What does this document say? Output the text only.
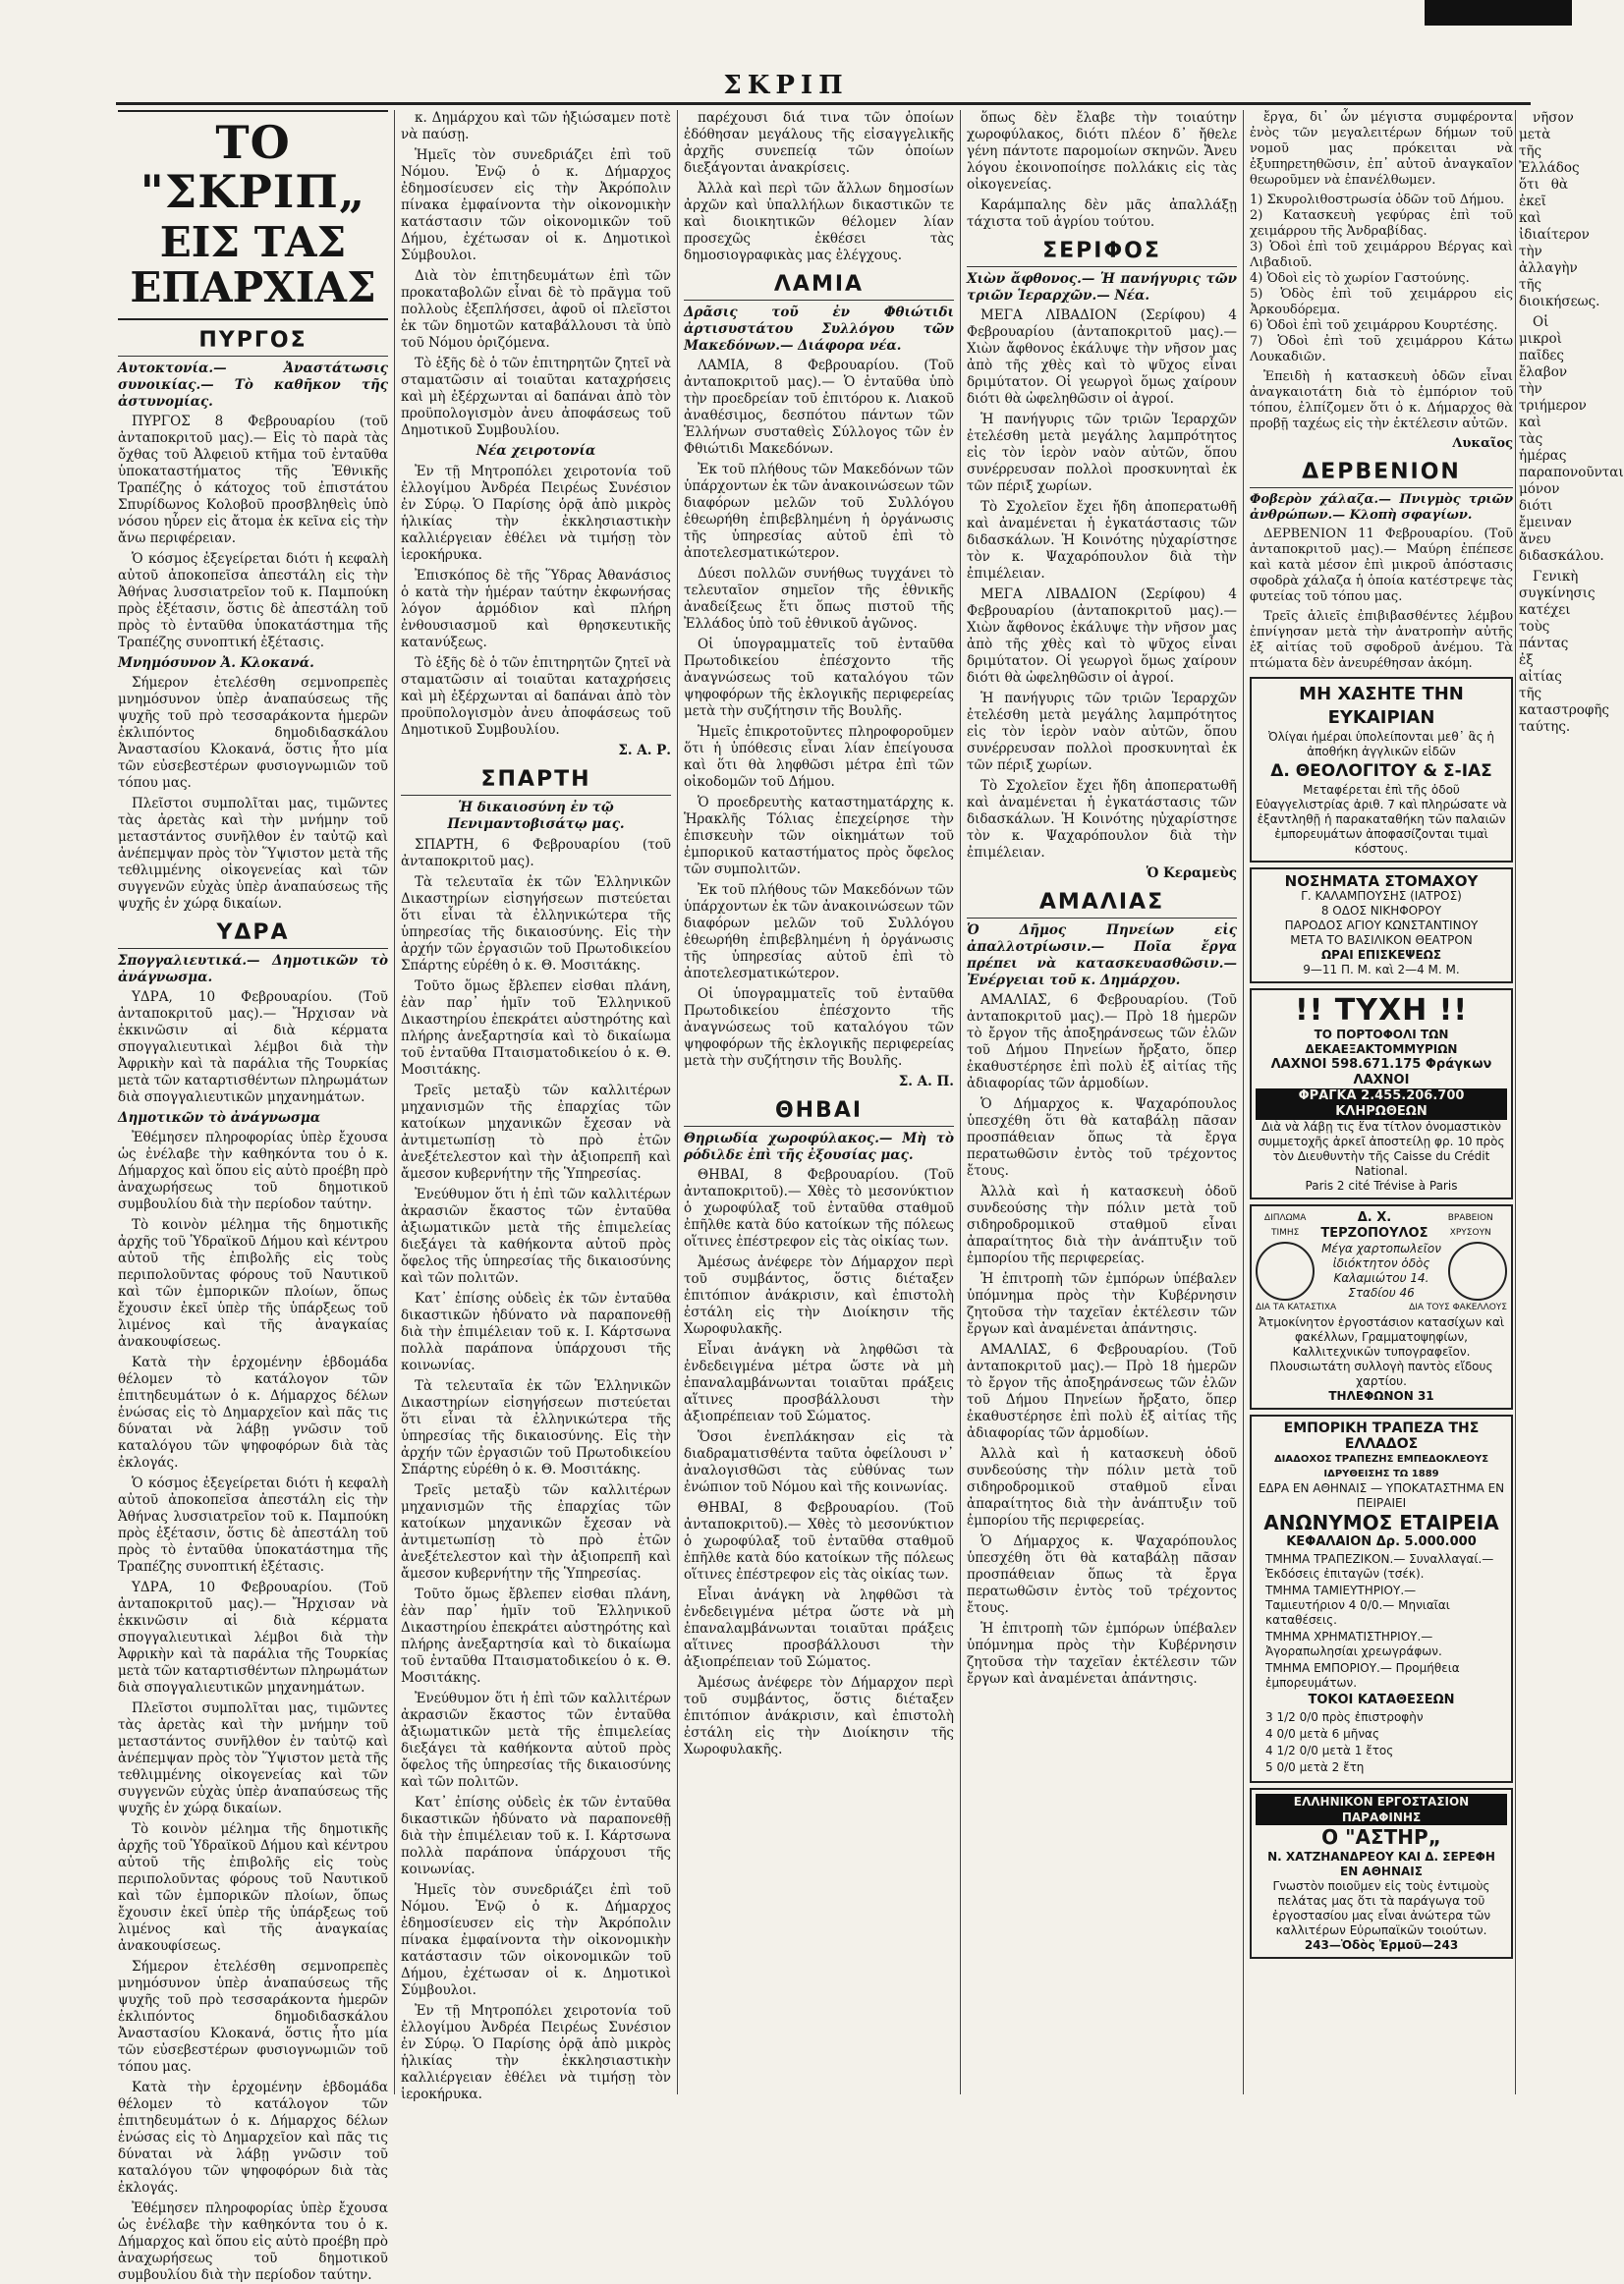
ΣΚΡΙΠ
ΤΟ "ΣΚΡΙΠ„
ΕΙΣ ΤΑΣ ΕΠΑΡΧΙΑΣ
ΠΥΡΓΟΣ
Αυτοκτονία.— Ἀναστάτωσις συνοικίας.— Τὸ καθῆκον τῆς ἀστυνομίας.

ΠΥΡΓΟΣ 8 Φεβρουαρίου (τοῦ ἀνταποκριτοῦ μας).— Εἰς τὸ παρὰ τὰς ὄχθας τοῦ Ἀλφειοῦ κτῆμα τοῦ ἐνταῦθα ὑποκαταστήματος τῆς Ἐθνικῆς Τραπέζης ὁ κάτοχος τοῦ ἐπιστάτου Σπυρίδωνος Κολοβοῦ προσβληθεὶς ὑπὸ νόσου ηὗρεν εἰς ἄτομα ἐκ κεῖνα εἰς τὴν ἄνω περιφέρειαν.

Ὁ κόσμος ἐξεγείρεται διότι ἡ κεφαλὴ αὐτοῦ ἀποκοπεῖσα ἀπεστάλη εἰς τὴν Ἀθήνας λυσσιατρεῖον τοῦ κ. Παμπούκη πρὸς ἐξέτασιν, ὅστις δὲ ἀπεστάλη τοῦ πρὸς τὸ ἐνταῦθα ὑποκατάστημα τῆς Τραπέζης συνοπτική ἐξέτασις.

Μνημόσυνον Ἀ. Κλοκανά.

Σήμερον ἐτελέσθη σεμνοπρεπὲς μνημόσυνον ὑπὲρ ἀναπαύσεως τῆς ψυχῆς τοῦ πρὸ τεσσαράκοντα ἡμερῶν ἐκλιπόντος δημοδιδασκάλου Ἀναστασίου Κλοκανά, ὅστις ἦτο μία τῶν εὐσεβεστέρων φυσιογνωμιῶν τοῦ τόπου μας.

Πλεῖστοι συμπολῖται μας, τιμῶντες τὰς ἀρετὰς καὶ τὴν μνήμην τοῦ μεταστάντος συνῆλθον ἐν ταὐτῷ καὶ ἀνέπεμψαν πρὸς τὸν Ὕψιστον μετὰ τῆς τεθλιμμένης οἰκογενείας καὶ τῶν συγγενῶν εὐχὰς ὑπὲρ ἀναπαύσεως τῆς ψυχῆς ἐν χώρᾳ δικαίων.

ΥΔΡΑ
Σπογγαλιευτικά.— Δημοτικῶν τὸ ἀνάγνωσμα.

ΥΔΡΑ, 10 Φεβρουαρίου. (Τοῦ ἀνταποκριτοῦ μας).— Ἤρχισαν νὰ ἐκκινῶσιν αἱ διὰ κέρματα σπογγαλιευτικαὶ λέμβοι διὰ τὴν Ἀφρικὴν καὶ τὰ παράλια τῆς Τουρκίας μετὰ τῶν καταρτισθέντων πληρωμάτων διὰ σπογγαλιευτικῶν μηχανημάτων.

Δημοτικῶν τὸ ἀνάγνωσμα

Ἐθέμησεν πληροφορίας ὑπὲρ ἔχουσα ὡς ἐνέλαβε τὴν καθηκόντα του ὁ κ. Δήμαρχος καὶ ὅπου εἰς αὐτὸ προέβη πρὸ ἀναχωρήσεως τοῦ δημοτικοῦ συμβουλίου διὰ τὴν περίοδον ταύτην.

Τὸ κοινὸν μέλημα τῆς δημοτικῆς ἀρχῆς τοῦ Ὑδραϊκοῦ Δήμου καὶ κέντρου αὐτοῦ τῆς ἐπιβολῆς εἰς τοὺς περιπολοῦντας φόρους τοῦ Ναυτικοῦ καὶ τῶν ἐμπορικῶν πλοίων, ὅπως ἔχουσιν ἐκεῖ ὑπὲρ τῆς ὑπάρξεως τοῦ λιμένος καὶ τῆς ἀναγκαίας ἀνακουφίσεως.

Κατὰ τὴν ἑρχομένην ἑβδομάδα θέλομεν τὸ κατάλογον τῶν ἐπιτηδευμάτων ὁ κ. Δήμαρχος δέλων ἑνώσας εἰς τὸ Δημαρχεῖον καὶ πᾶς τις δύναται νὰ λάβῃ γνῶσιν τοῦ καταλόγου τῶν ψηφοφόρων διὰ τὰς ἐκλογάς.

Ὁ κόσμος ἐξεγείρεται διότι ἡ κεφαλὴ αὐτοῦ ἀποκοπεῖσα ἀπεστάλη εἰς τὴν Ἀθήνας λυσσιατρεῖον τοῦ κ. Παμπούκη πρὸς ἐξέτασιν, ὅστις δὲ ἀπεστάλη τοῦ πρὸς τὸ ἐνταῦθα ὑποκατάστημα τῆς Τραπέζης συνοπτική ἐξέτασις.

ΥΔΡΑ, 10 Φεβρουαρίου. (Τοῦ ἀνταποκριτοῦ μας).— Ἤρχισαν νὰ ἐκκινῶσιν αἱ διὰ κέρματα σπογγαλιευτικαὶ λέμβοι διὰ τὴν Ἀφρικὴν καὶ τὰ παράλια τῆς Τουρκίας μετὰ τῶν καταρτισθέντων πληρωμάτων διὰ σπογγαλιευτικῶν μηχανημάτων.

Πλεῖστοι συμπολῖται μας, τιμῶντες τὰς ἀρετὰς καὶ τὴν μνήμην τοῦ μεταστάντος συνῆλθον ἐν ταὐτῷ καὶ ἀνέπεμψαν πρὸς τὸν Ὕψιστον μετὰ τῆς τεθλιμμένης οἰκογενείας καὶ τῶν συγγενῶν εὐχὰς ὑπὲρ ἀναπαύσεως τῆς ψυχῆς ἐν χώρᾳ δικαίων.

Τὸ κοινὸν μέλημα τῆς δημοτικῆς ἀρχῆς τοῦ Ὑδραϊκοῦ Δήμου καὶ κέντρου αὐτοῦ τῆς ἐπιβολῆς εἰς τοὺς περιπολοῦντας φόρους τοῦ Ναυτικοῦ καὶ τῶν ἐμπορικῶν πλοίων, ὅπως ἔχουσιν ἐκεῖ ὑπὲρ τῆς ὑπάρξεως τοῦ λιμένος καὶ τῆς ἀναγκαίας ἀνακουφίσεως.

Σήμερον ἐτελέσθη σεμνοπρεπὲς μνημόσυνον ὑπὲρ ἀναπαύσεως τῆς ψυχῆς τοῦ πρὸ τεσσαράκοντα ἡμερῶν ἐκλιπόντος δημοδιδασκάλου Ἀναστασίου Κλοκανά, ὅστις ἦτο μία τῶν εὐσεβεστέρων φυσιογνωμιῶν τοῦ τόπου μας.

Κατὰ τὴν ἑρχομένην ἑβδομάδα θέλομεν τὸ κατάλογον τῶν ἐπιτηδευμάτων ὁ κ. Δήμαρχος δέλων ἑνώσας εἰς τὸ Δημαρχεῖον καὶ πᾶς τις δύναται νὰ λάβῃ γνῶσιν τοῦ καταλόγου τῶν ψηφοφόρων διὰ τὰς ἐκλογάς.

Ἐθέμησεν πληροφορίας ὑπὲρ ἔχουσα ὡς ἐνέλαβε τὴν καθηκόντα του ὁ κ. Δήμαρχος καὶ ὅπου εἰς αὐτὸ προέβη πρὸ ἀναχωρήσεως τοῦ δημοτικοῦ συμβουλίου διὰ τὴν περίοδον ταύτην.

κ. Δημάρχου καὶ τῶν ἡξιώσαμεν ποτὲ νὰ παύσῃ.

Ἡμεῖς τὸν συνεδριάζει ἐπὶ τοῦ Νόμου. Ἐνῷ ὁ κ. Δήμαρχος ἐδημοσίευσεν εἰς τὴν Ἀκρόπολιν πίνακα ἐμφαίνοντα τὴν οἰκονομικὴν κατάστασιν τῶν οἰκονομικῶν τοῦ Δήμου, ἐχέτωσαν οἱ κ. Δημοτικοὶ Σύμβουλοι.

Διὰ τὸν ἐπιτηδευμάτων ἐπὶ τῶν προκαταβολῶν εἶναι δὲ τὸ πρᾶγμα τοῦ πολλοὺς ἐξεπλήσσει, ἀφοῦ οἱ πλεῖστοι ἐκ τῶν δημοτῶν καταβάλλουσι τὰ ὑπὸ τοῦ Νόμου ὁριζόμενα.

Τὸ ἑξῆς δὲ ὁ τῶν ἐπιτηρητῶν ζητεῖ νὰ σταματῶσιν αἱ τοιαῦται καταχρήσεις καὶ μὴ ἐξέρχωνται αἱ δαπάναι ἀπὸ τὸν προϋπολογισμὸν ἀνευ ἀποφάσεως τοῦ Δημοτικοῦ Συμβουλίου.

Νέα χειροτονία

Ἐν τῇ Μητροπόλει χειροτονία τοῦ ἐλλογίμου Ἀνδρέα Πειρέως Συνέσιον ἐν Σύρῳ. Ὁ Παρίσης ὁρᾷ ἀπὸ μικρὸς ἡλικίας τὴν ἐκκλησιαστικὴν καλλιέργειαν ἐθέλει νὰ τιμήσῃ τὸν ἱεροκήρυκα.

Ἐπισκόπος δὲ τῆς Ὕδρας Ἀθανάσιος ὁ κατὰ τὴν ἡμέραν ταύτην ἐκφωνήσας λόγον ἁρμόδιον καὶ πλήρη ἐνθουσιασμοῦ καὶ θρησκευτικῆς κατανύξεως.

Τὸ ἑξῆς δὲ ὁ τῶν ἐπιτηρητῶν ζητεῖ νὰ σταματῶσιν αἱ τοιαῦται καταχρήσεις καὶ μὴ ἐξέρχωνται αἱ δαπάναι ἀπὸ τὸν προϋπολογισμὸν ἀνευ ἀποφάσεως τοῦ Δημοτικοῦ Συμβουλίου.

Σ. Α. Ρ.
ΣΠΑΡΤΗ
Ἡ δικαιοσύνη ἐν τῷ Πενιμαντοβισάτῳ μας.

ΣΠΑΡΤΗ, 6 Φεβρουαρίου (τοῦ ἀνταποκριτοῦ μας).

Τὰ τελευταῖα ἐκ τῶν Ἑλληνικῶν Δικαστηρίων εἰσηγήσεων πιστεύεται ὅτι εἶναι τὰ ἐλληνικώτερα τῆς ὑπηρεσίας τῆς δικαιοσύνης. Εἰς τὴν ἀρχήν τῶν ἐργασιῶν τοῦ Πρωτοδικείου Σπάρτης εὑρέθη ὁ κ. Θ. Μοσιτάκης.

Τοῦτο ὅμως ἔβλεπεν εἰσθαι πλάνη, ἐὰν παρ᾽ ἡμῖν τοῦ Ἑλληνικοῦ Δικαστηρίου ἐπεκράτει αὐστηρότης καὶ πλήρης ἀνεξαρτησία καὶ τὸ δικαίωμα τοῦ ἐνταῦθα Πταισματοδικείου ὁ κ. Θ. Μοσιτάκης.

Τρεῖς μεταξὺ τῶν καλλιτέρων μηχανισμῶν τῆς ἐπαρχίας τῶν κατοίκων μηχανικῶν ἔχεσαν νὰ ἀντιμετωπίσῃ τὸ πρὸ ἐτῶν ἀνεξέτελεστον καὶ τὴν ἀξιοπρεπῆ καὶ ἄμεσον κυβερνήτην τῆς Ὑπηρεσίας.

Ἐνεύθυμον ὅτι ἡ ἐπὶ τῶν καλλιτέρων ἀκρασιῶν ἔκαστος τῶν ἐνταῦθα ἀξιωματικῶν μετὰ τῆς ἐπιμελείας διεξάγει τὰ καθήκοντα αὐτοῦ πρὸς ὄφελος τῆς ὑπηρεσίας τῆς δικαιοσύνης καὶ τῶν πολιτῶν.

Κατ᾽ ἐπίσης οὐδεὶς ἐκ τῶν ἐνταῦθα δικαστικῶν ἠδύνατο νὰ παραπονεθῇ διὰ τὴν ἐπιμέλειαν τοῦ κ. Ι. Κάρτσωνα πολλὰ παράπονα ὑπάρχουσι τῆς κοινωνίας.

Τὰ τελευταῖα ἐκ τῶν Ἑλληνικῶν Δικαστηρίων εἰσηγήσεων πιστεύεται ὅτι εἶναι τὰ ἐλληνικώτερα τῆς ὑπηρεσίας τῆς δικαιοσύνης. Εἰς τὴν ἀρχήν τῶν ἐργασιῶν τοῦ Πρωτοδικείου Σπάρτης εὑρέθη ὁ κ. Θ. Μοσιτάκης.

Τρεῖς μεταξὺ τῶν καλλιτέρων μηχανισμῶν τῆς ἐπαρχίας τῶν κατοίκων μηχανικῶν ἔχεσαν νὰ ἀντιμετωπίσῃ τὸ πρὸ ἐτῶν ἀνεξέτελεστον καὶ τὴν ἀξιοπρεπῆ καὶ ἄμεσον κυβερνήτην τῆς Ὑπηρεσίας.

Τοῦτο ὅμως ἔβλεπεν εἰσθαι πλάνη, ἐὰν παρ᾽ ἡμῖν τοῦ Ἑλληνικοῦ Δικαστηρίου ἐπεκράτει αὐστηρότης καὶ πλήρης ἀνεξαρτησία καὶ τὸ δικαίωμα τοῦ ἐνταῦθα Πταισματοδικείου ὁ κ. Θ. Μοσιτάκης.

Ἐνεύθυμον ὅτι ἡ ἐπὶ τῶν καλλιτέρων ἀκρασιῶν ἔκαστος τῶν ἐνταῦθα ἀξιωματικῶν μετὰ τῆς ἐπιμελείας διεξάγει τὰ καθήκοντα αὐτοῦ πρὸς ὄφελος τῆς ὑπηρεσίας τῆς δικαιοσύνης καὶ τῶν πολιτῶν.

Κατ᾽ ἐπίσης οὐδεὶς ἐκ τῶν ἐνταῦθα δικαστικῶν ἠδύνατο νὰ παραπονεθῇ διὰ τὴν ἐπιμέλειαν τοῦ κ. Ι. Κάρτσωνα πολλὰ παράπονα ὑπάρχουσι τῆς κοινωνίας.

Ἡμεῖς τὸν συνεδριάζει ἐπὶ τοῦ Νόμου. Ἐνῷ ὁ κ. Δήμαρχος ἐδημοσίευσεν εἰς τὴν Ἀκρόπολιν πίνακα ἐμφαίνοντα τὴν οἰκονομικὴν κατάστασιν τῶν οἰκονομικῶν τοῦ Δήμου, ἐχέτωσαν οἱ κ. Δημοτικοὶ Σύμβουλοι.

Ἐν τῇ Μητροπόλει χειροτονία τοῦ ἐλλογίμου Ἀνδρέα Πειρέως Συνέσιον ἐν Σύρῳ. Ὁ Παρίσης ὁρᾷ ἀπὸ μικρὸς ἡλικίας τὴν ἐκκλησιαστικὴν καλλιέργειαν ἐθέλει νὰ τιμήσῃ τὸν ἱεροκήρυκα.

παρέχουσι διά τινα τῶν ὁποίων ἐδόθησαν μεγάλους τῆς εἰσαγγελικῆς ἀρχῆς συνεπείᾳ τῶν ὁποίων διεξάγονται ἀνακρίσεις.

Ἀλλὰ καὶ περὶ τῶν ἄλλων δημοσίων ἀρχῶν καὶ ὑπαλλήλων δικαστικῶν τε καὶ διοικητικῶν θέλομεν λίαν προσεχῶς ἐκθέσει τὰς δημοσιογραφικὰς μας ἐλέγχους.

ΛΑΜΙΑ
Δρᾶσις τοῦ ἐν Φθιώτιδι ἀρτισυστάτου Συλλόγου τῶν Μακεδόνων.— Διάφορα νέα.

ΛΑΜΙΑ, 8 Φεβρουαρίου. (Τοῦ ἀνταποκριτοῦ μας).— Ὁ ἐνταῦθα ὑπὸ τὴν προεδρείαν τοῦ ἐπιτόρου κ. Λιακοῦ ἀναθέσιμος, δεσπότου πάντων τῶν Ἑλλήνων συσταθεὶς Σύλλογος τῶν ἐν Φθιώτιδι Μακεδόνων.

Ἐκ τοῦ πλήθους τῶν Μακεδόνων τῶν ὑπάρχοντων ἐκ τῶν ἀνακοινώσεων τῶν διαφόρων μελῶν τοῦ Συλλόγου ἐθεωρήθη ἐπιβεβλημένη ἡ ὀργάνωσις τῆς ὑπηρεσίας αὐτοῦ ἐπὶ τὸ ἀποτελεσματικώτερον.

Δύεσι πολλῶν συνήθως τυγχάνει τὸ τελευταῖον σημεῖον τῆς ἐθνικῆς ἀναδείξεως ἔτι ὅπως πιστοῦ τῆς Ἐλλάδος ὑπὸ τοῦ ἐθνικοῦ ἀγῶνος.

Οἱ ὑπογραμματεῖς τοῦ ἐνταῦθα Πρωτοδικείου ἐπέσχοντο τῆς ἀναγνώσεως τοῦ καταλόγου τῶν ψηφοφόρων τῆς ἐκλογικῆς περιφερείας μετὰ τὴν συζήτησιν τῆς Βουλῆς.

Ἡμεῖς ἐπικροτοῦντες πληροφοροῦμεν ὅτι ἡ ὑπόθεσις εἶναι λίαν ἐπείγουσα καὶ ὅτι θὰ ληφθῶσι μέτρα ἐπὶ τῶν οἰκοδομῶν τοῦ Δήμου.

Ὁ προεδρευτὴς καταστηματάρχης κ. Ἡρακλῆς Τόλιας ἐπεχείρησε τὴν ἐπισκευὴν τῶν οἰκημάτων τοῦ ἐμπορικοῦ καταστήματος πρὸς ὄφελος τῶν συμπολιτῶν.

Ἐκ τοῦ πλήθους τῶν Μακεδόνων τῶν ὑπάρχοντων ἐκ τῶν ἀνακοινώσεων τῶν διαφόρων μελῶν τοῦ Συλλόγου ἐθεωρήθη ἐπιβεβλημένη ἡ ὀργάνωσις τῆς ὑπηρεσίας αὐτοῦ ἐπὶ τὸ ἀποτελεσματικώτερον.

Οἱ ὑπογραμματεῖς τοῦ ἐνταῦθα Πρωτοδικείου ἐπέσχοντο τῆς ἀναγνώσεως τοῦ καταλόγου τῶν ψηφοφόρων τῆς ἐκλογικῆς περιφερείας μετὰ τὴν συζήτησιν τῆς Βουλῆς.

Σ. Α. Π.
ΘΗΒΑΙ
Θηριωδία χωροφύλακος.— Μὴ τὸ ρόδιλδε ἐπὶ τῆς ἐξουσίας μας.

ΘΗΒΑΙ, 8 Φεβρουαρίου. (Τοῦ ἀνταποκριτοῦ).— Χθὲς τὸ μεσονύκτιον ὁ χωροφύλαξ τοῦ ἐνταῦθα σταθμοῦ ἐπῆλθε κατὰ δύο κατοίκων τῆς πόλεως οἵτινες ἐπέστρεφον εἰς τὰς οἰκίας των.

Ἀμέσως ἀνέφερε τὸν Δήμαρχον περὶ τοῦ συμβάντος, ὅστις διέταξεν ἐπιτόπιον ἀνάκρισιν, καὶ ἐπιστολὴ ἐστάλη εἰς τὴν Διοίκησιν τῆς Χωροφυλακῆς.

Εἶναι ἀνάγκη νὰ ληφθῶσι τὰ ἐνδεδειγμένα μέτρα ὥστε νὰ μὴ ἐπαναλαμβάνωνται τοιαῦται πράξεις αἵτινες προσβάλλουσι τὴν ἀξιοπρέπειαν τοῦ Σώματος.

Ὅσοι ἐνεπλάκησαν εἰς τὰ διαδραματισθέντα ταῦτα ὀφείλουσι ν᾽ ἀναλογισθῶσι τὰς εὐθύνας των ἐνώπιον τοῦ Νόμου καὶ τῆς κοινωνίας.

ΘΗΒΑΙ, 8 Φεβρουαρίου. (Τοῦ ἀνταποκριτοῦ).— Χθὲς τὸ μεσονύκτιον ὁ χωροφύλαξ τοῦ ἐνταῦθα σταθμοῦ ἐπῆλθε κατὰ δύο κατοίκων τῆς πόλεως οἵτινες ἐπέστρεφον εἰς τὰς οἰκίας των.

Εἶναι ἀνάγκη νὰ ληφθῶσι τὰ ἐνδεδειγμένα μέτρα ὥστε νὰ μὴ ἐπαναλαμβάνωνται τοιαῦται πράξεις αἵτινες προσβάλλουσι τὴν ἀξιοπρέπειαν τοῦ Σώματος.

Ἀμέσως ἀνέφερε τὸν Δήμαρχον περὶ τοῦ συμβάντος, ὅστις διέταξεν ἐπιτόπιον ἀνάκρισιν, καὶ ἐπιστολὴ ἐστάλη εἰς τὴν Διοίκησιν τῆς Χωροφυλακῆς.

ὅπως δὲν ἔλαβε τὴν τοιαύτην χωροφύλακος, διότι πλέον δ᾽ ἤθελε γένη πάντοτε παρομοίων σκηνῶν. Ἄνευ λόγου ἐκοινοποίησε πολλάκις εἰς τὰς οἰκογενείας.

Καράμπαλης δὲν μᾶς ἀπαλλάξῃ τάχιστα τοῦ ἀγρίου τούτου.

ΣΕΡΙΦΟΣ
Χιὼν ἄφθονος.— Ἡ πανήγυρις τῶν τριῶν Ἱεραρχῶν.— Νέα.

ΜΕΓΑ ΛΙΒΑΔΙΟΝ (Σερίφου) 4 Φεβρουαρίου (ἀνταποκριτοῦ μας).— Χιὼν ἄφθονος ἐκάλυψε τὴν νῆσον μας ἀπὸ τῆς χθὲς καὶ τὸ ψῦχος εἶναι δριμύτατον. Οἱ γεωργοὶ ὅμως χαίρουν διότι θὰ ὠφεληθῶσιν οἱ ἀγροί.

Ἡ πανήγυρις τῶν τριῶν Ἱεραρχῶν ἐτελέσθη μετὰ μεγάλης λαμπρότητος εἰς τὸν ἱερὸν ναὸν αὐτῶν, ὅπου συνέρρευσαν πολλοὶ προσκυνηταὶ ἐκ τῶν πέριξ χωρίων.

Τὸ Σχολεῖον ἔχει ἤδη ἀποπερατωθῆ καὶ ἀναμένεται ἡ ἐγκατάστασις τῶν διδασκάλων. Ἡ Κοινότης ηὐχαρίστησε τὸν κ. Ψαχαρόπουλον διὰ τὴν ἐπιμέλειαν.

ΜΕΓΑ ΛΙΒΑΔΙΟΝ (Σερίφου) 4 Φεβρουαρίου (ἀνταποκριτοῦ μας).— Χιὼν ἄφθονος ἐκάλυψε τὴν νῆσον μας ἀπὸ τῆς χθὲς καὶ τὸ ψῦχος εἶναι δριμύτατον. Οἱ γεωργοὶ ὅμως χαίρουν διότι θὰ ὠφεληθῶσιν οἱ ἀγροί.

Ἡ πανήγυρις τῶν τριῶν Ἱεραρχῶν ἐτελέσθη μετὰ μεγάλης λαμπρότητος εἰς τὸν ἱερὸν ναὸν αὐτῶν, ὅπου συνέρρευσαν πολλοὶ προσκυνηταὶ ἐκ τῶν πέριξ χωρίων.

Τὸ Σχολεῖον ἔχει ἤδη ἀποπερατωθῆ καὶ ἀναμένεται ἡ ἐγκατάστασις τῶν διδασκάλων. Ἡ Κοινότης ηὐχαρίστησε τὸν κ. Ψαχαρόπουλον διὰ τὴν ἐπιμέλειαν.

Ὁ Κεραμεὺς
ΑΜΑΛΙΑΣ
Ὁ Δῆμος Πηνείων εἰς ἀπαλλοτρίωσιν.— Ποῖα ἔργα πρέπει νὰ κατασκευασθῶσιν.— Ἐνέργειαι τοῦ κ. Δημάρχου.

ΑΜΑΛΙΑΣ, 6 Φεβρουαρίου. (Τοῦ ἀνταποκριτοῦ μας).— Πρὸ 18 ἡμερῶν τὸ ἔργον τῆς ἀποξηράνσεως τῶν ἐλῶν τοῦ Δήμου Πηνείων ἤρξατο, ὅπερ ἐκαθυστέρησε ἐπὶ πολὺ ἐξ αἰτίας τῆς ἀδιαφορίας τῶν ἁρμοδίων.

Ὁ Δήμαρχος κ. Ψαχαρόπουλος ὑπεσχέθη ὅτι θὰ καταβάλῃ πᾶσαν προσπάθειαν ὅπως τὰ ἔργα περατωθῶσιν ἐντὸς τοῦ τρέχοντος ἔτους.

Ἀλλὰ καὶ ἡ κατασκευὴ ὁδοῦ συνδεούσης τὴν πόλιν μετὰ τοῦ σιδηροδρομικοῦ σταθμοῦ εἶναι ἀπαραίτητος διὰ τὴν ἀνάπτυξιν τοῦ ἐμπορίου τῆς περιφερείας.

Ἡ ἐπιτροπὴ τῶν ἐμπόρων ὑπέβαλεν ὑπόμνημα πρὸς τὴν Κυβέρνησιν ζητοῦσα τὴν ταχεῖαν ἐκτέλεσιν τῶν ἔργων καὶ ἀναμένεται ἀπάντησις.

ΑΜΑΛΙΑΣ, 6 Φεβρουαρίου. (Τοῦ ἀνταποκριτοῦ μας).— Πρὸ 18 ἡμερῶν τὸ ἔργον τῆς ἀποξηράνσεως τῶν ἐλῶν τοῦ Δήμου Πηνείων ἤρξατο, ὅπερ ἐκαθυστέρησε ἐπὶ πολὺ ἐξ αἰτίας τῆς ἀδιαφορίας τῶν ἁρμοδίων.

Ἀλλὰ καὶ ἡ κατασκευὴ ὁδοῦ συνδεούσης τὴν πόλιν μετὰ τοῦ σιδηροδρομικοῦ σταθμοῦ εἶναι ἀπαραίτητος διὰ τὴν ἀνάπτυξιν τοῦ ἐμπορίου τῆς περιφερείας.

Ὁ Δήμαρχος κ. Ψαχαρόπουλος ὑπεσχέθη ὅτι θὰ καταβάλῃ πᾶσαν προσπάθειαν ὅπως τὰ ἔργα περατωθῶσιν ἐντὸς τοῦ τρέχοντος ἔτους.

Ἡ ἐπιτροπὴ τῶν ἐμπόρων ὑπέβαλεν ὑπόμνημα πρὸς τὴν Κυβέρνησιν ζητοῦσα τὴν ταχεῖαν ἐκτέλεσιν τῶν ἔργων καὶ ἀναμένεται ἀπάντησις.

νῆσον μετὰ τῆς Ἐλλάδος ὅτι θὰ ἐκεῖ καὶ ἰδιαίτερον τὴν ἀλλαγὴν τῆς διοικήσεως.

Οἱ μικροὶ παῖδες ἔλαβον τὴν τριήμερον καὶ τὰς ἡμέρας παραπονοῦνται μόνον διότι ἔμειναν ἄνευ διδασκάλου.

Γενικὴ συγκίνησις κατέχει τοὺς πάντας ἐξ αἰτίας τῆς καταστροφῆς ταύτης.

ἔργα, δι᾽ ὧν μέγιστα συμφέροντα ἐνὸς τῶν μεγαλειτέρων δήμων τοῦ νομοῦ μας πρόκειται νὰ ἐξυπηρετηθῶσιν, ἐπ᾽ αὐτοῦ ἀναγκαῖον θεωροῦμεν νὰ ἐπανέλθωμεν.

1) Σκυρολιθοστρωσία ὁδῶν τοῦ Δήμου.
2) Κατασκευὴ γεφύρας ἐπὶ τοῦ χειμάρρου τῆς Ἀνδραβίδας.
3) Ὁδοὶ ἐπὶ τοῦ χειμάρρου Βέργας καὶ Λιβαδιοῦ.
4) Ὁδοὶ εἰς τὸ χωρίον Γαστούνης.
5) Ὁδὸς ἐπὶ τοῦ χειμάρρου εἰς Ἀρκουδόρεμα.
6) Ὁδοὶ ἐπὶ τοῦ χειμάρρου Κουρτέσης.
7) Ὁδοὶ ἐπὶ τοῦ χειμάρρου Κάτω Λουκαδιῶν.

Ἐπειδὴ ἡ κατασκευὴ ὁδῶν εἶναι ἀναγκαιοτάτη διὰ τὸ ἐμπόριον τοῦ τόπου, ἐλπίζομεν ὅτι ὁ κ. Δήμαρχος θὰ προβῇ ταχέως εἰς τὴν ἐκτέλεσιν αὐτῶν.

Λυκαῖος
ΔΕΡΒΕΝΙΟΝ
Φοβερὸν χάλαζα.— Πνιγμὸς τριῶν ἀνθρώπων.— Κλοπὴ σφαγίων.

ΔΕΡΒΕΝΙΟΝ 11 Φεβρουαρίου. (Τοῦ ἀνταποκριτοῦ μας).— Μαύρη ἐπέπεσε καὶ κατὰ μέσον ἐπὶ μικροῦ ἀπόστασις σφοδρὰ χάλαζα ἡ ὁποία κατέστρεψε τὰς φυτείας τοῦ τόπου μας.

Τρεῖς ἁλιεῖς ἐπιβιβασθέντες λέμβου ἐπνίγησαν μετὰ τὴν ἀνατροπὴν αὐτῆς ἐξ αἰτίας τοῦ σφοδροῦ ἀνέμου. Τὰ πτώματα δὲν ἀνευρέθησαν ἀκόμη.

ΜΗ ΧΑΣΗΤΕ ΤΗΝ ΕΥΚΑΙΡΙΑΝ
Ὀλίγαι ἡμέραι ὑπολείπονται μεθ᾽ ἃς ἡ ἀποθήκη ἀγγλικῶν εἰδῶν
Δ. ΘΕΟΛΟΓΙΤΟΥ & Σ-ΙΑΣ
Μεταφέρεται ἐπὶ τῆς ὁδοῦ Εὐαγγελιστρίας ἀριθ. 7 καὶ πληρώσατε νὰ ἐξαντληθῇ ἡ παρακαταθήκη τῶν παλαιῶν ἐμπορευμάτων ἀποφασίζονται τιμαὶ κόστους.
ΝΟΣΗΜΑΤΑ ΣΤΟΜΑΧΟΥ
Γ. ΚΑΛΑΜΠΟΥΣΗΣ (ΙΑΤΡΟΣ)
8 ΟΔΟΣ ΝΙΚΗΦΟΡΟΥ
ΠΑΡΟΔΟΣ ΑΓΙΟΥ ΚΩΝΣΤΑΝΤΙΝΟΥ
ΜΕΤΑ ΤΟ ΒΑΣΙΛΙΚΟΝ ΘΕΑΤΡΟΝ
ΩΡΑΙ ΕΠΙΣΚΕΨΕΩΣ
9—11 Π. Μ. καὶ 2—4 Μ. Μ.
!! ΤΥΧΗ !!
ΤΟ ΠΟΡΤΟΦΟΛΙ ΤΩΝ ΔΕΚΑΕΞΑΚΤΟΜΜΥΡΙΩΝ
ΛΑΧΝΟΙ 598.671.175 Φράγκων ΛΑΧΝΟΙ
ΦΡΑΓΚΑ 2.455.206.700 ΚΛΗΡΩΘΕΩΝ
Διὰ νὰ λάβῃ τις ἕνα τίτλον ὀνομαστικὸν συμμετοχῆς ἀρκεῖ ἀποστείλῃ φρ. 10 πρὸς τὸν Διευθυντὴν τῆς Caisse du Crédit National.
Paris 2 cité Trévise à Paris
ΔΙΠΛΩΜΑ ΤΙΜΗΣ
Δ. Χ. ΤΕΡΖΟΠΟΥΛΟΣ
ΒΡΑΒΕΙΟΝ ΧΡΥΣΟΥΝ
Μέγα χαρτοπωλεῖον ἰδιόκτητον ὁδὸς Καλαμιώτου 14. Σταδίου 46
ΔΙΑ ΤΑ ΚΑΤΑΣΤΙΧΑ	ΔΙΑ ΤΟΥΣ ΦΑΚΕΛΛΟΥΣ
Ἀτμοκίνητον ἐργοστάσιον κατασίχων καὶ φακέλλων, Γραμματοψηφίων, Καλλιτεχνικῶν τυπογραφεῖον. Πλουσιωτάτη συλλογὴ παντὸς εἴδους χαρτίου.
ΤΗΛΕΦΩΝΟΝ 31
ΕΜΠΟΡΙΚΗ ΤΡΑΠΕΖΑ ΤΗΣ ΕΛΛΑΔΟΣ
ΔΙΑΔΟΧΟΣ ΤΡΑΠΕΖΗΣ ΕΜΠΕΔΟΚΛΕΟΥΣ ΙΔΡΥΘΕΙΣΗΣ ΤΩ 1889
ΕΔΡΑ ΕΝ ΑΘΗΝΑΙΣ — ΥΠΟΚΑΤΑΣΤΗΜΑ ΕΝ ΠΕΙΡΑΙΕΙ
ΑΝΩΝΥΜΟΣ ΕΤΑΙΡΕΙΑ
ΚΕΦΑΛΑΙΟΝ Δρ. 5.000.000
ΤΜΗΜΑ ΤΡΑΠΕΖΙΚΟΝ.— Συναλλαγαί.— Ἐκδόσεις ἐπιταγῶν (τσέκ).
ΤΜΗΜΑ ΤΑΜΙΕΥΤΗΡΙΟΥ.— Ταμιευτήριον 4 0/0.— Μηνιαῖαι καταθέσεις.
ΤΜΗΜΑ ΧΡΗΜΑΤΙΣΤΗΡΙΟΥ.— Ἀγοραπωλησίαι χρεωγράφων.
ΤΜΗΜΑ ΕΜΠΟΡΙΟΥ.— Προμήθεια ἐμπορευμάτων.
ΤΟΚΟΙ ΚΑΤΑΘΕΣΕΩΝ
3 1/2 0/0 πρὸς ἐπιστροφὴν
4 0/0 μετὰ 6 μῆνας
4 1/2 0/0 μετὰ 1 ἔτος
5 0/0 μετὰ 2 ἔτη
ΕΛΛΗΝΙΚΟΝ ΕΡΓΟΣΤΑΣΙΟΝ ΠΑΡΑΦΙΝΗΣ
Ο "ΑΣΤΗΡ„
Ν. ΧΑΤΖΗΑΝΔΡΕΟΥ ΚΑΙ Δ. ΣΕΡΕΦΗ
ΕΝ ΑΘΗΝΑΙΣ
Γνωστὸν ποιοῦμεν εἰς τοὺς ἐντιμοὺς πελάτας μας ὅτι τὰ παράγωγα τοῦ ἐργοστασίου μας εἶναι ἀνώτερα τῶν καλλιτέρων Εὐρωπαϊκῶν τοιούτων.
243—Ὁδὸς Ἑρμοῦ—243
